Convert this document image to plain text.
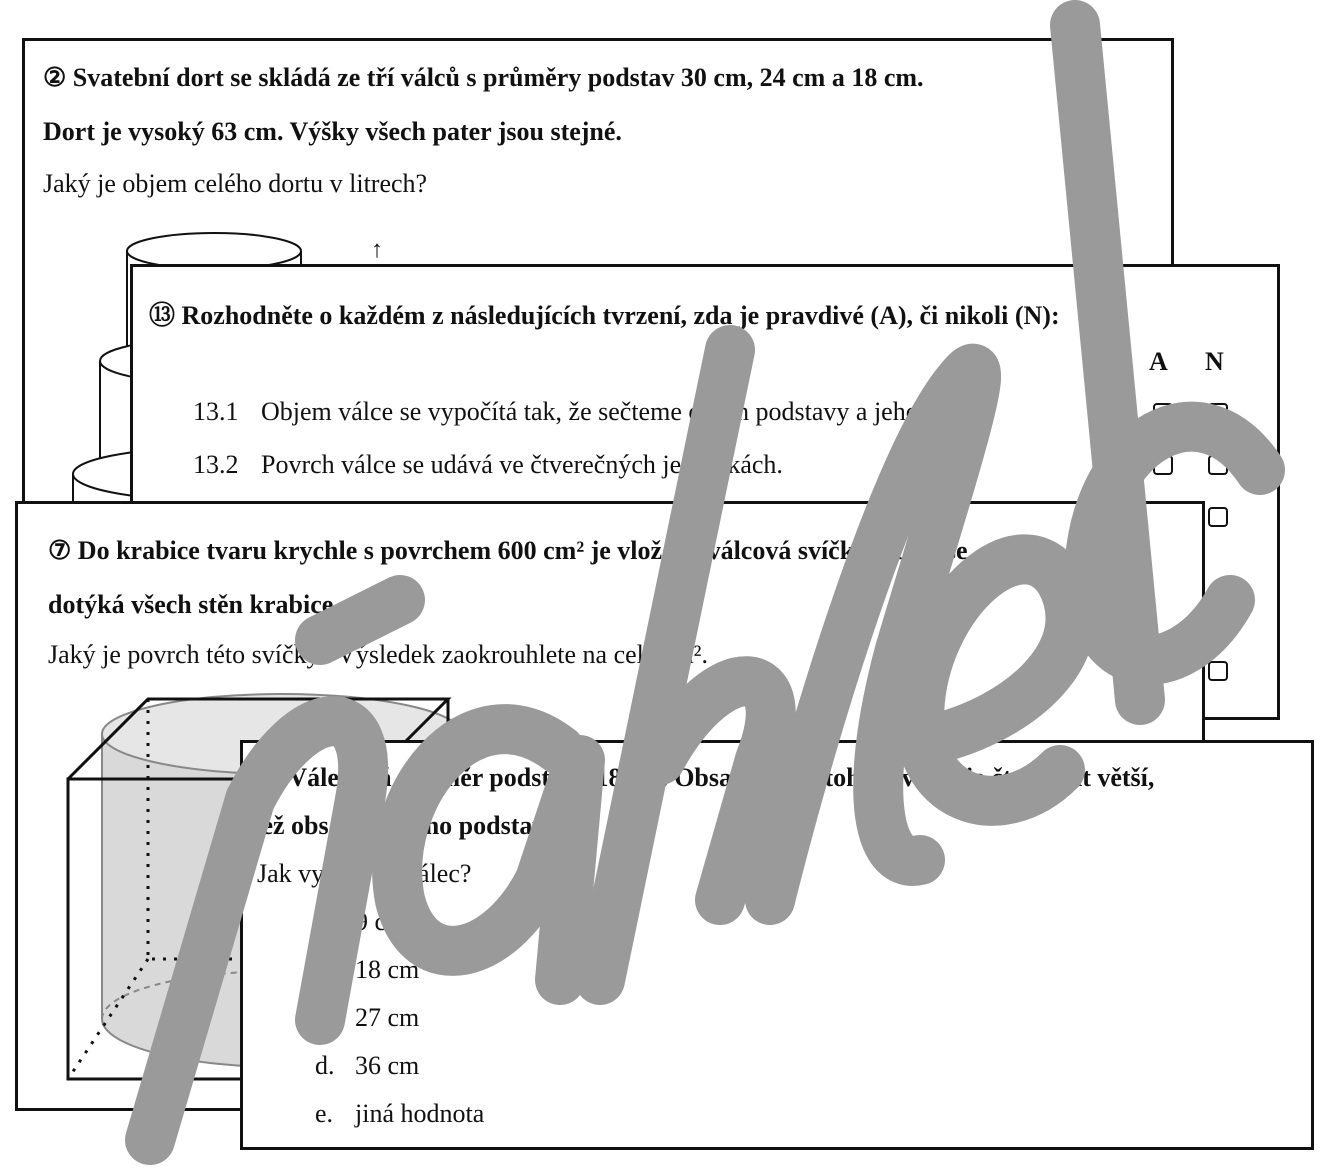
② Svatební dort se skládá ze tří válců s průměry podstav 30 cm, 24 cm a 18 cm.
Dort je vysoký 63 cm. Výšky všech pater jsou stejné.
Jaký je objem celého dortu v litrech?
↑
⑬ Rozhodněte o každém z následujících tvrzení, zda je pravdivé (A), či nikoli (N):
A N
13.1 Objem válce se vypočítá tak, že sečteme obsah podstavy a jeho výšku.
13.2 Povrch válce se udává ve čtverečných jednotkách.
⑦ Do krabice tvaru krychle s povrchem 600 cm² je vložena válcová svíčka, která se
dotýká všech stěn krabice.
Jaký je povrch této svíčky? Výsledek zaokrouhlete na celé cm².
④ Válec má průměr podstavy 18 cm. Obsah pláště tohoto válce je čtyřikrát větší,
než obsah jednoho podstavy.
Jak vysoký je válec?
a. 9 cm
b. 18 cm
c. 27 cm
d. 36 cm
e. jiná hodnota
